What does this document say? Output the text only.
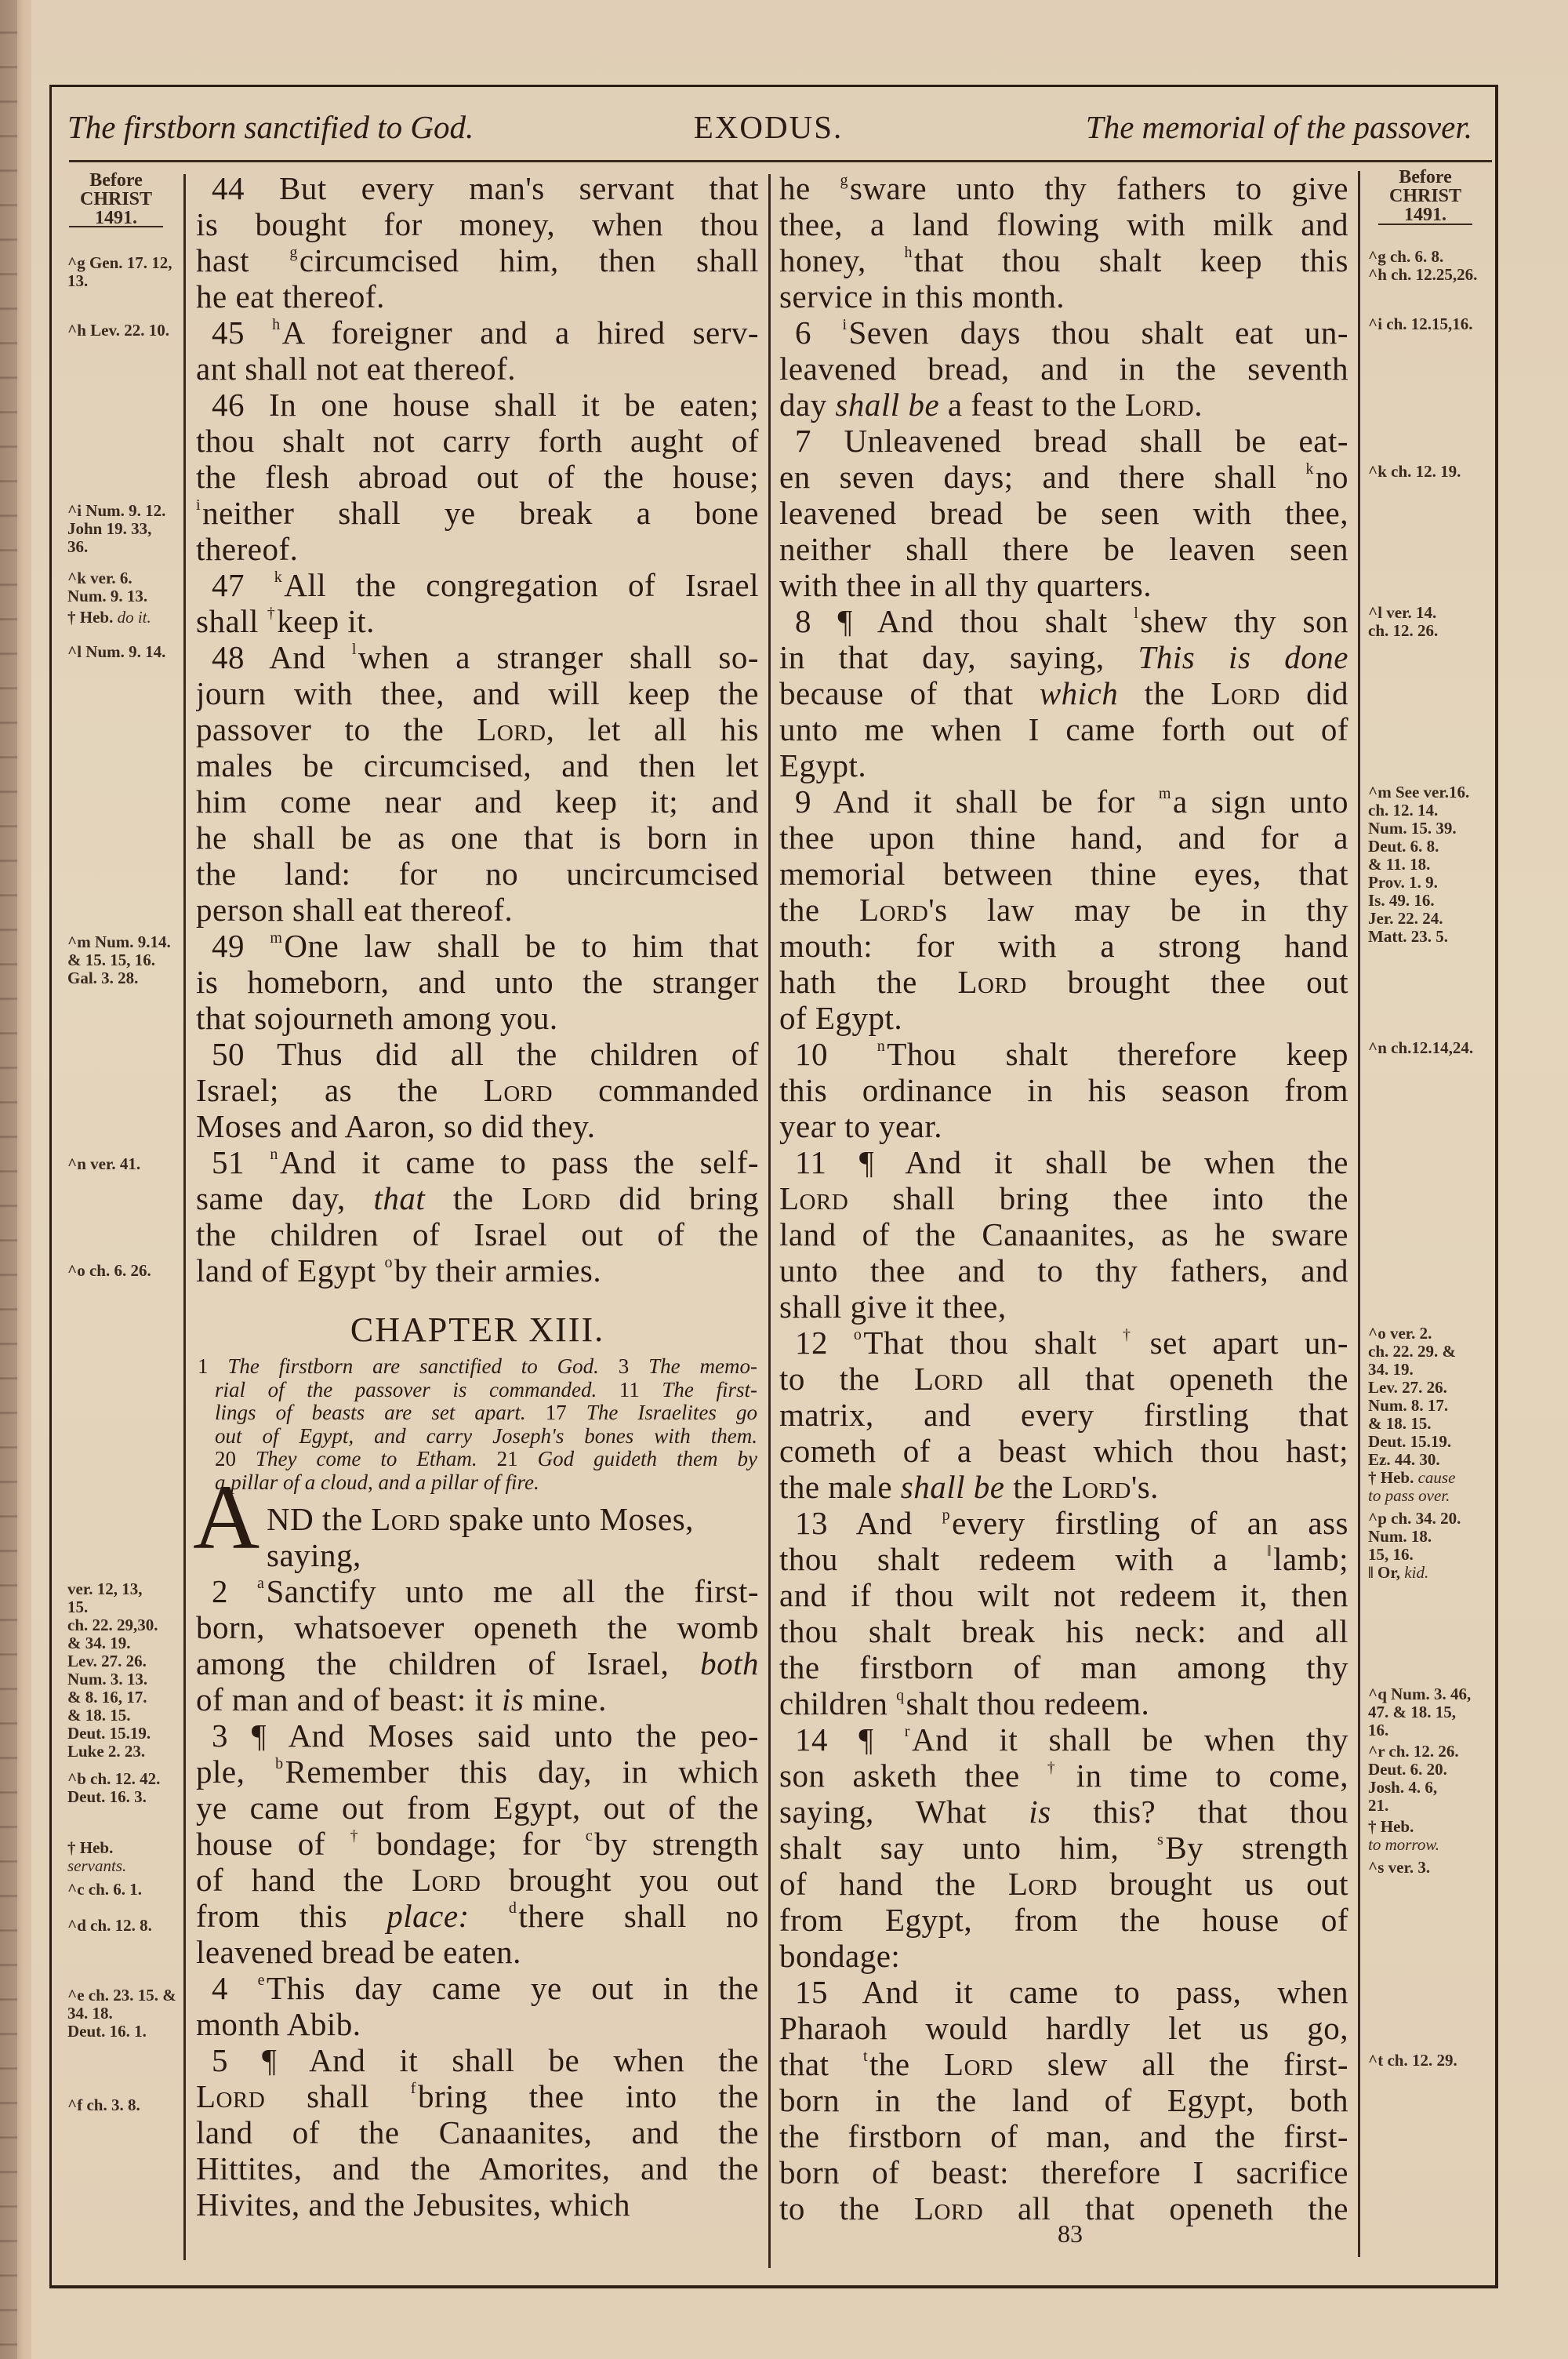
The firstborn sanctified to God.	EXODUS.	The memorial of the passover.
Before
CHRIST
1491.
Before
CHRIST
1491.
^g Gen. 17. 12,
13.
^h Lev. 22. 10.
^i Num. 9. 12.
John 19. 33,
36.
^k ver. 6.
Num. 9. 13.
† Heb. do it.
^l Num. 9. 14.
^m Num. 9.14.
& 15. 15, 16.
Gal. 3. 28.
^n ver. 41.
^o ch. 6. 26.
ver. 12, 13,
15.
ch. 22. 29,30.
& 34. 19.
Lev. 27. 26.
Num. 3. 13.
& 8. 16, 17.
& 18. 15.
Deut. 15.19.
Luke 2. 23.
^b ch. 12. 42.
Deut. 16. 3.
† Heb.
servants.
^c ch. 6. 1.
^d ch. 12. 8.
^e ch. 23. 15. &
34. 18.
Deut. 16. 1.
^f ch. 3. 8.
^g ch. 6. 8.
^h ch. 12.25,26.
^i ch. 12.15,16.
^k ch. 12. 19.
^l ver. 14.
ch. 12. 26.
^m See ver.16.
ch. 12. 14.
Num. 15. 39.
Deut. 6. 8.
& 11. 18.
Prov. 1. 9.
Is. 49. 16.
Jer. 22. 24.
Matt. 23. 5.
^n ch.12.14,24.
^o ver. 2.
ch. 22. 29. &
34. 19.
Lev. 27. 26.
Num. 8. 17.
& 18. 15.
Deut. 15.19.
Ez. 44. 30.
† Heb. cause
to pass over.
^p ch. 34. 20.
Num. 18.
15, 16.
‖ Or, kid.
^q Num. 3. 46,
47. & 18. 15,
16.
^r ch. 12. 26.
Deut. 6. 20.
Josh. 4. 6,
21.
† Heb.
to morrow.
^s ver. 3.
^t ch. 12. 29.
44 But every man's servant that
is bought for money, when thou
hast $^g$circumcised him, then shall
he eat thereof.
45 $^h$A foreigner and a hired serv-
ant shall not eat thereof.
46 In one house shall it be eaten;
thou shalt not carry forth aught of
the flesh abroad out of the house;
$^i$neither shall ye break a bone
thereof.
47 $^k$All the congregation of Israel
shall †keep it.
48 And $^l$when a stranger shall so-
journ with thee, and will keep the
passover to the Lord, let all his
males be circumcised, and then let
him come near and keep it; and
he shall be as one that is born in
the land: for no uncircumcised
person shall eat thereof.
49 $^m$One law shall be to him that
is homeborn, and unto the stranger
that sojourneth among you.
50 Thus did all the children of
Israel; as the Lord commanded
Moses and Aaron, so did they.
51 $^n$And it came to pass the self-
same day, that the Lord did bring
the children of Israel out of the
land of Egypt $^o$by their armies.
ND the Lord spake unto Moses,
saying,
2 $^a$Sanctify unto me all the first-
born, whatsoever openeth the womb
among the children of Israel, both
of man and of beast: it is mine.
3 ¶ And Moses said unto the peo-
ple, $^b$Remember this day, in which
ye came out from Egypt, out of the
house of †bondage; for $^c$by strength
of hand the Lord brought you out
from this place:	$^d$there shall no
leavened bread be eaten.
4 $^e$This day came ye out in the
month Abib.
5 ¶ And it shall be when the
Lord shall $^f$bring thee into the
land of the Canaanites, and the
Hittites, and the Amorites, and the
Hivites, and the Jebusites, which
he $^g$sware unto thy fathers to give
thee, a land flowing with milk and
honey, $^h$that thou shalt keep this
service in this month.
6 $^i$Seven days thou shalt eat un-
leavened bread, and in the seventh
day shall be a feast to the Lord.
7 Unleavened bread shall be eat-
en seven days; and there shall $^k$no
leavened bread be seen with thee,
neither shall there be leaven seen
with thee in all thy quarters.
8 ¶ And thou shalt $^l$shew thy son
in that day, saying, This is done
because of that which the Lord did
unto me when I came forth out of
Egypt.
9 And it shall be for $^m$a sign unto
thee upon thine hand, and for a
memorial between thine eyes, that
the Lord's law may be in thy
mouth: for with a strong hand
hath the Lord brought thee out
of Egypt.
10 $^n$Thou shalt therefore keep
this ordinance in his season from
year to year.
11 ¶ And it shall be when the
Lord shall bring thee into the
land of the Canaanites, as he sware
unto thee and to thy fathers, and
shall give it thee,
12 $^o$That thou shalt †set apart un-
to the Lord all that openeth the
matrix, and every firstling that
cometh of a beast which thou hast;
the male shall be the Lord's.
13 And $^p$every firstling of an ass
thou shalt redeem with a ‖lamb;
and if thou wilt not redeem it, then
thou shalt break his neck: and all
the firstborn of man among thy
children $^q$shalt thou redeem.
14 ¶ $^r$And it shall be when thy
son asketh thee †in time to come,
saying, What is this? that thou
shalt say unto him, $^s$By strength
of hand the Lord brought us out
from Egypt, from the house of
bondage:
15 And it came to pass, when
Pharaoh would hardly let us go,
that $^t$the Lord slew all the first-
born in the land of Egypt, both
the firstborn of man, and the first-
born of beast: therefore I sacrifice
to the Lord all that openeth the
CHAPTER XIII.
1 The firstborn are sanctified to God. 3 The memo-
rial of the passover is commanded. 11 The first-
lings of beasts are set apart. 17 The Israelites go
out of Egypt, and carry Joseph's bones with them.
20 They come to Etham. 21 God guideth them by
a pillar of a cloud, and a pillar of fire.
A
83
